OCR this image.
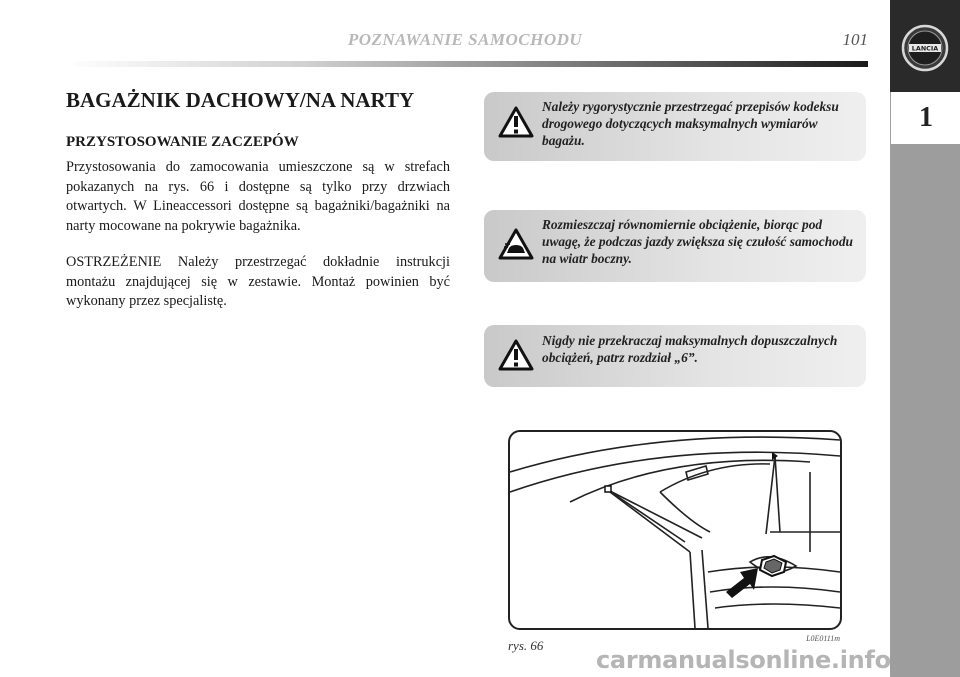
POZNAWANIE SAMOCHODU	101	LANCIA
1
BAGAŻNIK DACHOWY/NA NARTY
PRZYSTOSOWANIE ZACZEPÓW

Przystosowania do zamocowania umieszczone są w strefach pokazanych na rys. 66 i dostępne są tylko przy drzwiach otwartych. W Lineaccessori dostępne są bagażniki/bagażniki na narty mocowane na pokrywie bagażnika.

OSTRZEŻENIE Należy przestrzegać dokładnie instrukcji montażu znajdującej się w zestawie. Montaż powinien być wykonany przez specjalistę.

Należy rygorystycznie przestrzegać przepisów kodeksu drogowego dotyczących maksymalnych wymiarów bagażu.
Rozmieszczaj równomiernie obciążenie, biorąc pod uwagę, że podczas jazdy zwiększa się czułość samochodu na wiatr boczny.
Nigdy nie przekraczaj maksymalnych dopuszczalnych obciążeń, patrz rozdział „6”.
rys. 66	L0E0111m
carmanualsonline.info
